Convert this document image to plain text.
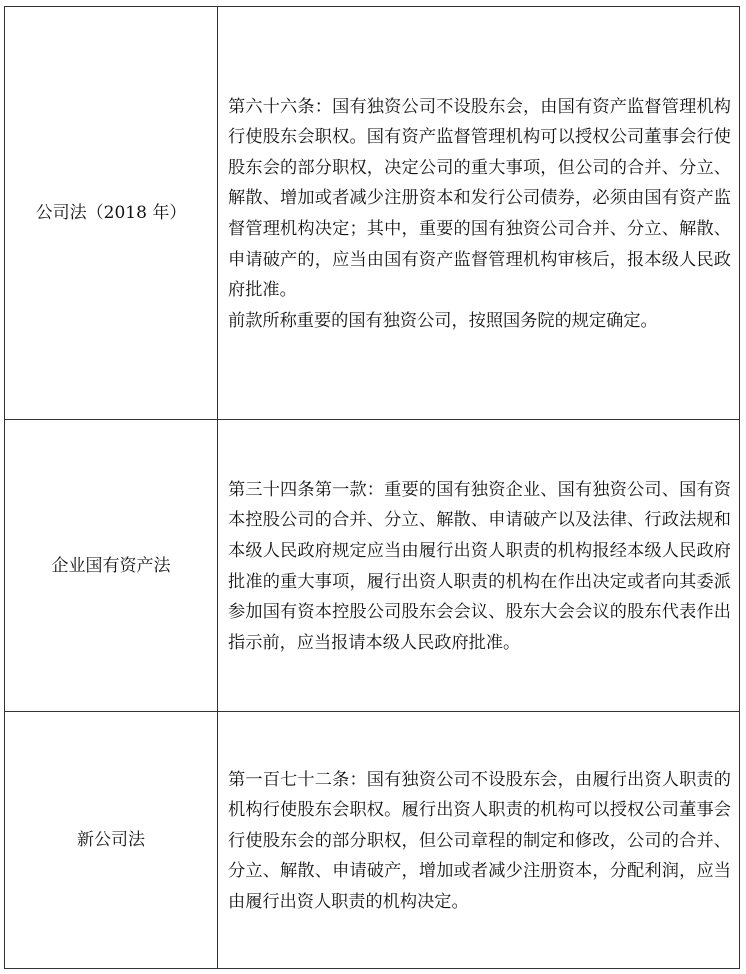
公司法（2018 年）	第六十六条：国有独资公司不设股东会，由国有资产监督管理机构行使股东会职权。国有资产监督管理机构可以授权公司董事会行使股东会的部分职权，决定公司的重大事项，但公司的合并、分立、解散、增加或者减少注册资本和发行公司债券，必须由国有资产监督管理机构决定；其中，重要的国有独资公司合并、分立、解散、申请破产的，应当由国有资产监督管理机构审核后，报本级人民政府批准。

前款所称重要的国有独资公司，按照国务院的规定确定。

企业国有资产法	第三十四条第一款：重要的国有独资企业、国有独资公司、国有资本控股公司的合并、分立、解散、申请破产以及法律、行政法规和本级人民政府规定应当由履行出资人职责的机构报经本级人民政府批准的重大事项，履行出资人职责的机构在作出决定或者向其委派参加国有资本控股公司股东会会议、股东大会会议的股东代表作出指示前，应当报请本级人民政府批准。

新公司法	第一百七十二条：国有独资公司不设股东会，由履行出资人职责的机构行使股东会职权。履行出资人职责的机构可以授权公司董事会行使股东会的部分职权，但公司章程的制定和修改，公司的合并、分立、解散、申请破产，增加或者减少注册资本，分配利润，应当由履行出资人职责的机构决定。
